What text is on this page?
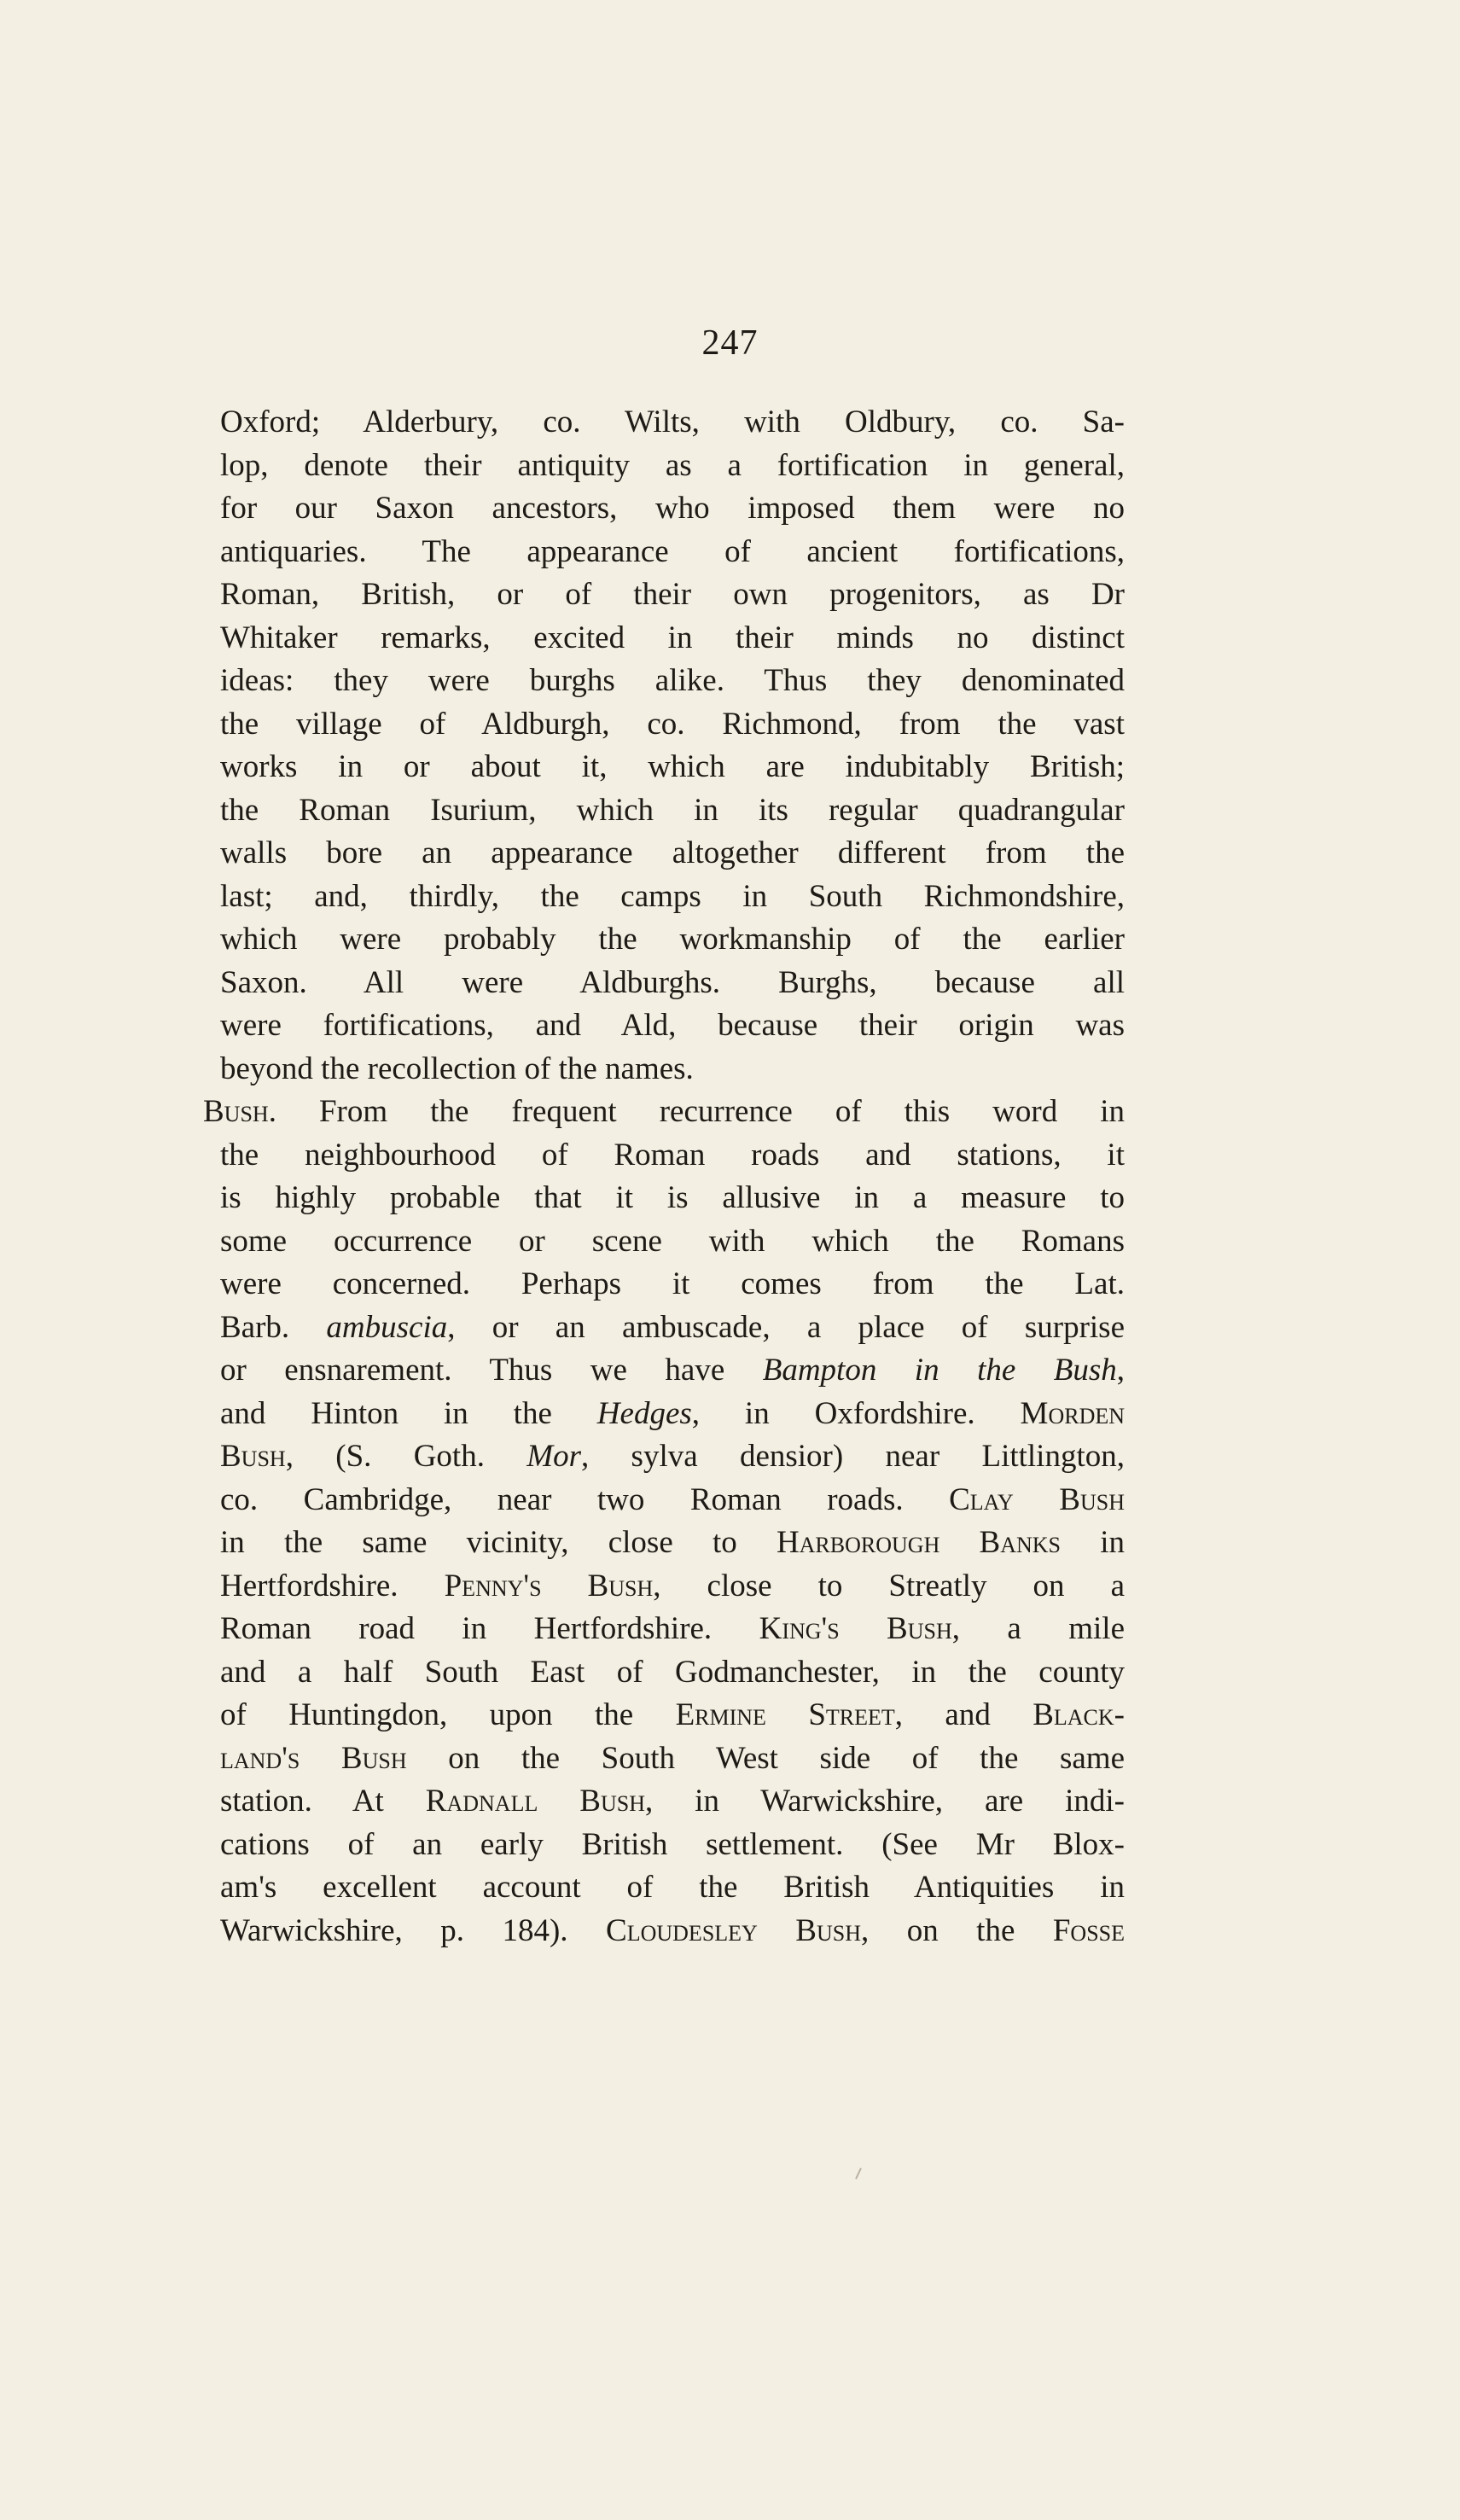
247
Oxford; Alderbury, co. Wilts, with Oldbury, co. Sa-
lop, denote their antiquity as a fortification in general,
for our Saxon ancestors, who imposed them were no
antiquaries. The appearance of ancient fortifications,
Roman, British, or of their own progenitors, as Dr
Whitaker remarks, excited in their minds no distinct
ideas: they were burghs alike. Thus they denominated
the village of Aldburgh, co. Richmond, from the vast
works in or about it, which are indubitably British;
the Roman Isurium, which in its regular quadrangular
walls bore an appearance altogether different from the
last; and, thirdly, the camps in South Richmondshire,
which were probably the workmanship of the earlier
Saxon. All were Aldburghs. Burghs, because all
were fortifications, and Ald, because their origin was
beyond the recollection of the names.
Bush. From the frequent recurrence of this word in
the neighbourhood of Roman roads and stations, it
is highly probable that it is allusive in a measure to
some occurrence or scene with which the Romans
were concerned. Perhaps it comes from the Lat.
Barb. ambuscia, or an ambuscade, a place of surprise
or ensnarement. Thus we have Bampton in the Bush,
and Hinton in the Hedges, in Oxfordshire. Morden
Bush, (S. Goth. Mor, sylva densior) near Littlington,
co. Cambridge, near two Roman roads. Clay Bush
in the same vicinity, close to Harborough Banks in
Hertfordshire. Penny's Bush, close to Streatly on a
Roman road in Hertfordshire. King's Bush, a mile
and a half South East of Godmanchester, in the county
of Huntingdon, upon the Ermine Street, and Black-
land's Bush on the South West side of the same
station. At Radnall Bush, in Warwickshire, are indi-
cations of an early British settlement. (See Mr Blox-
am's excellent account of the British Antiquities in
Warwickshire, p. 184). Cloudesley Bush, on the Fosse
